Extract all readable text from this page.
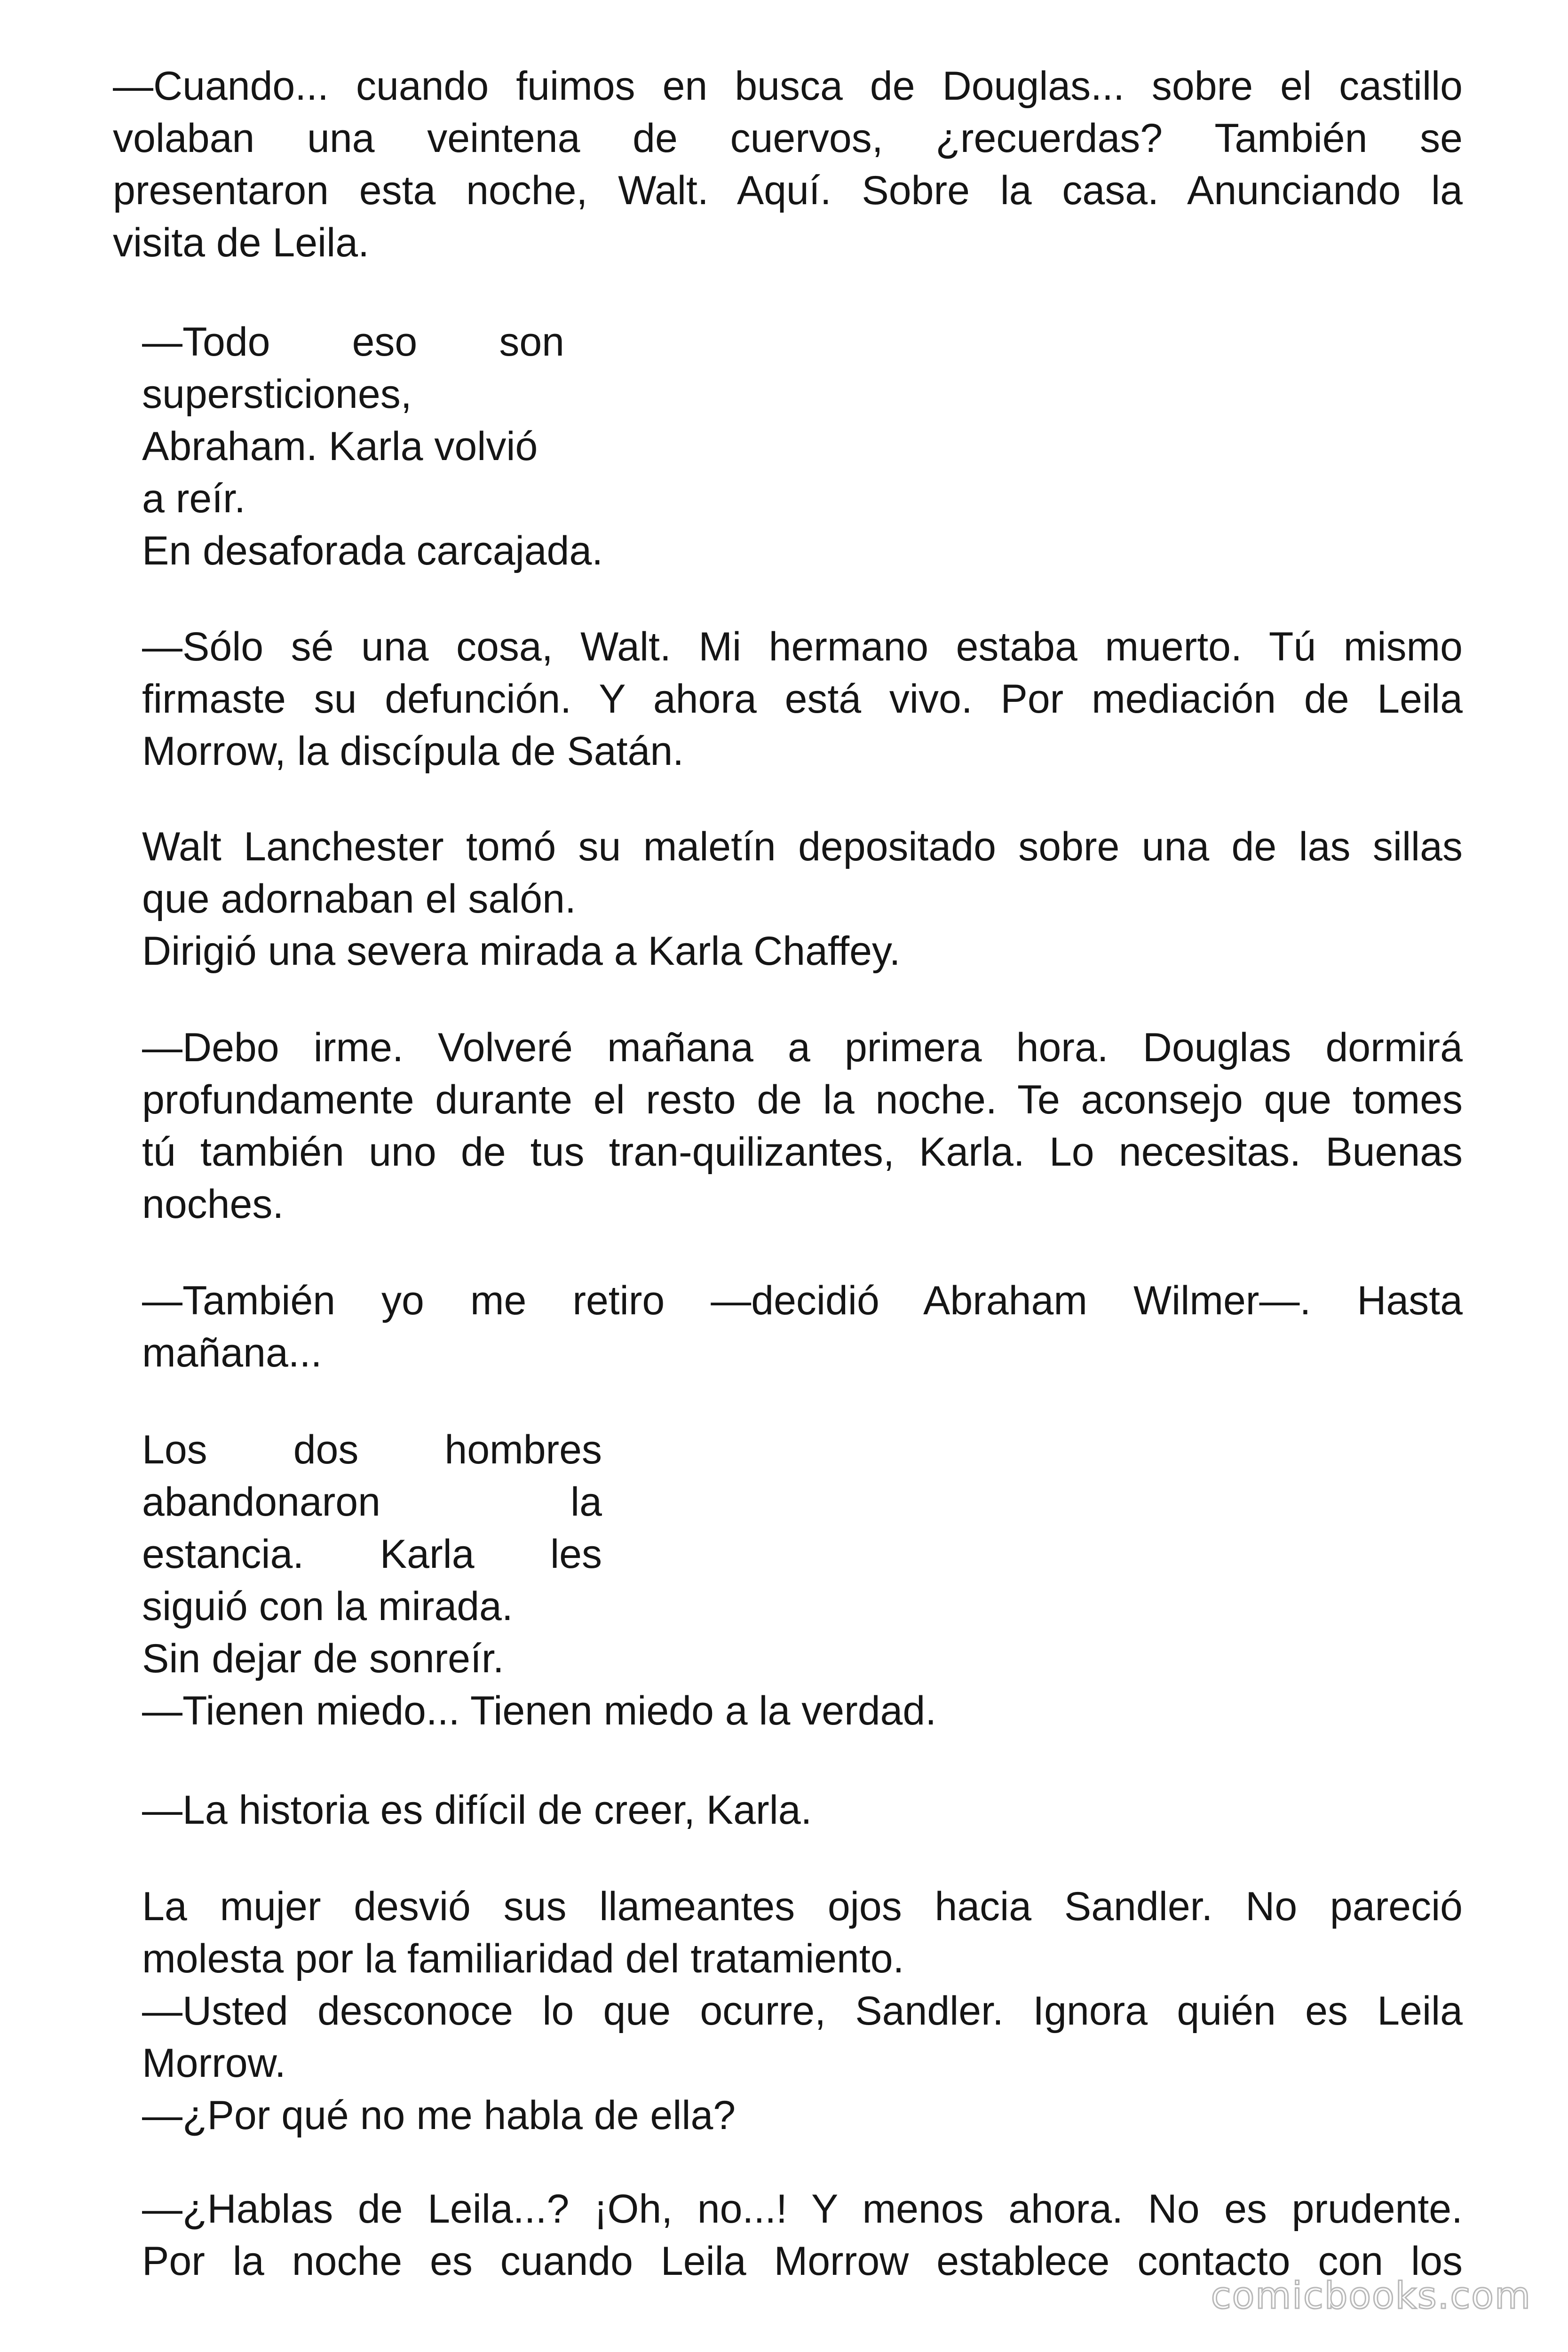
—Cuando... cuando fuimos en busca de Douglas... sobre el castillo
volaban una veintena de cuervos, ¿recuerdas? También se
presentaron esta noche, Walt. Aquí. Sobre la casa. Anunciando la
visita de Leila.
—Todo eso son
supersticiones,
Abraham. Karla volvió
a reír.
En desaforada carcajada.
—Sólo sé una cosa, Walt. Mi hermano estaba muerto. Tú mismo
firmaste su defunción. Y ahora está vivo. Por mediación de Leila
Morrow, la discípula de Satán.
Walt Lanchester tomó su maletín depositado sobre una de las sillas
que adornaban el salón.
Dirigió una severa mirada a Karla Chaffey.
—Debo irme. Volveré mañana a primera hora. Douglas dormirá
profundamente durante el resto de la noche. Te aconsejo que tomes
tú también uno de tus tran-quilizantes, Karla. Lo necesitas. Buenas
noches.
—También yo me retiro —decidió Abraham Wilmer—. Hasta
mañana...
Los dos hombres
abandonaron la
estancia. Karla les
siguió con la mirada.
Sin dejar de sonreír.
—Tienen miedo... Tienen miedo a la verdad.
—La historia es difícil de creer, Karla.
La mujer desvió sus llameantes ojos hacia Sandler. No pareció
molesta por la familiaridad del tratamiento.
—Usted desconoce lo que ocurre, Sandler. Ignora quién es Leila
Morrow.
—¿Por qué no me habla de ella?
—¿Hablas de Leila...? ¡Oh, no...! Y menos ahora. No es prudente.
Por la noche es cuando Leila Morrow establece contacto con los
comicbooks.com
